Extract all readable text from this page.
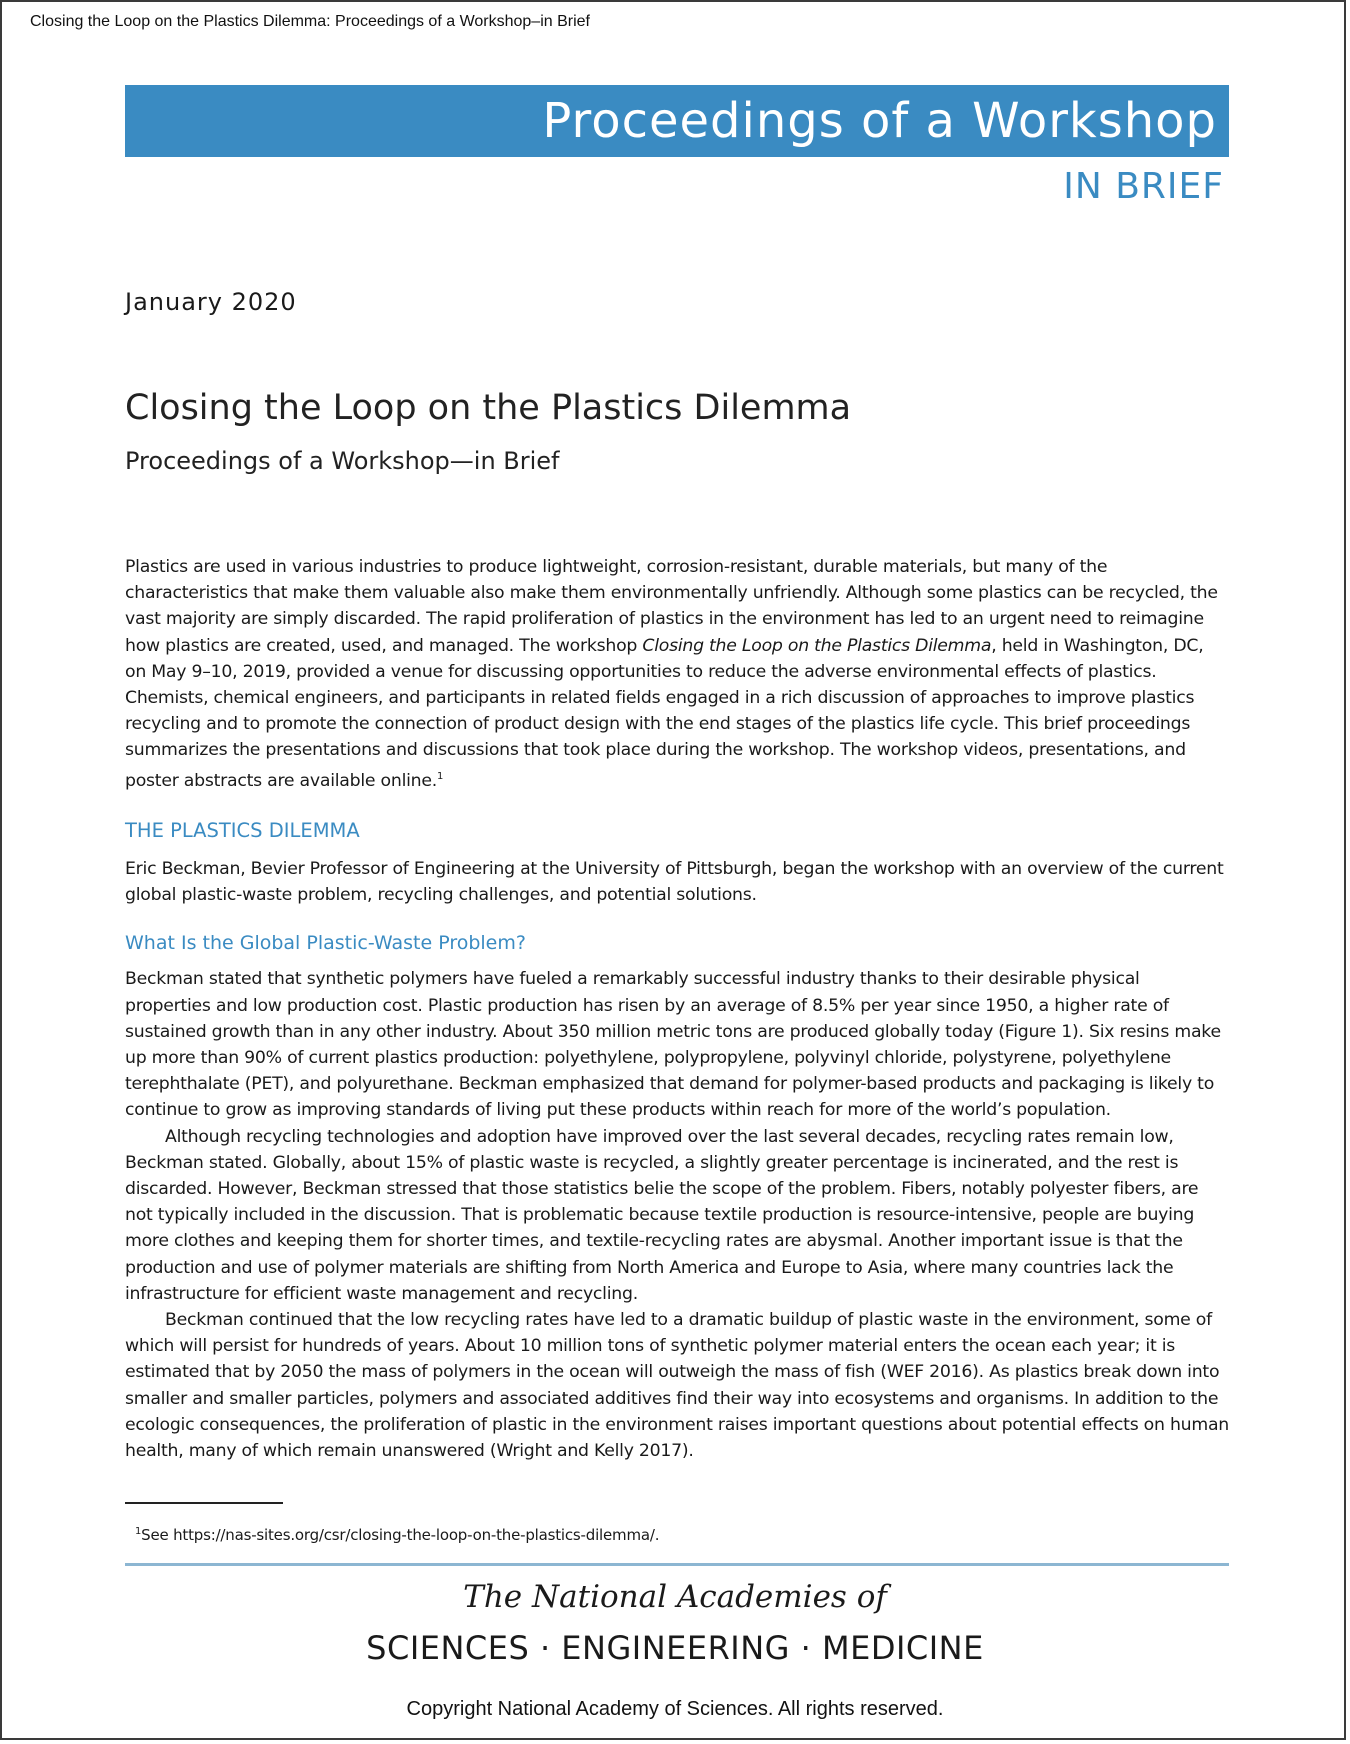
Closing the Loop on the Plastics Dilemma: Proceedings of a Workshop–in Brief
Proceedings of a Workshop
IN BRIEF
January 2020
Closing the Loop on the Plastics Dilemma
Proceedings of a Workshop—in Brief

Plastics are used in various industries to produce lightweight, corrosion-resistant, durable materials, but many of the characteristics that make them valuable also make them environmentally unfriendly. Although some plastics can be recycled, the vast majority are simply discarded. The rapid proliferation of plastics in the environment has led to an urgent need to reimagine how plastics are created, used, and managed. The workshop Closing the Loop on the Plastics Dilemma, held in Washington, DC, on May 9–10, 2019, provided a venue for discussing opportunities to reduce the adverse environmental effects of plastics. Chemists, chemical engineers, and participants in related fields engaged in a rich discussion of approaches to improve plastics recycling and to promote the connection of product design with the end stages of the plastics life cycle. This brief proceedings summarizes the presentations and discussions that took place during the workshop. The workshop videos, presentations, and poster abstracts are available online.$^1$

THE PLASTICS DILEMMA

Eric Beckman, Bevier Professor of Engineering at the University of Pittsburgh, began the workshop with an overview of the current global plastic-waste problem, recycling challenges, and potential solutions.

What Is the Global Plastic-Waste Problem?

Beckman stated that synthetic polymers have fueled a remarkably successful industry thanks to their desirable physical properties and low production cost. Plastic production has risen by an average of 8.5% per year since 1950, a higher rate of sustained growth than in any other industry. About 350 million metric tons are produced globally today (Figure 1). Six resins make up more than 90% of current plastics production: polyethylene, polypropylene, polyvinyl chloride, polystyrene, polyethylene terephthalate (PET), and polyurethane. Beckman emphasized that demand for polymer-based products and packaging is likely to continue to grow as improving standards of living put these products within reach for more of the world’s population.

Although recycling technologies and adoption have improved over the last several decades, recycling rates remain low, Beckman stated. Globally, about 15% of plastic waste is recycled, a slightly greater percentage is incinerated, and the rest is discarded. However, Beckman stressed that those statistics belie the scope of the problem. Fibers, notably polyester fibers, are not typically included in the discussion. That is problematic because textile production is resource-intensive, people are buying more clothes and keeping them for shorter times, and textile-recycling rates are abysmal. Another important issue is that the production and use of polymer materials are shifting from North America and Europe to Asia, where many countries lack the infrastructure for efficient waste management and recycling.

Beckman continued that the low recycling rates have led to a dramatic buildup of plastic waste in the environment, some of which will persist for hundreds of years. About 10 million tons of synthetic polymer material enters the ocean each year; it is estimated that by 2050 the mass of polymers in the ocean will outweigh the mass of fish (WEF 2016). As plastics break down into smaller and smaller particles, polymers and associated additives find their way into ecosystems and organisms. In addition to the ecologic consequences, the proliferation of plastic in the environment raises important questions about potential effects on human health, many of which remain unanswered (Wright and Kelly 2017).

$^1$See https://nas-sites.org/csr/closing-the-loop-on-the-plastics-dilemma/.
The National Academies of
SCIENCES · ENGINEERING · MEDICINE
Copyright National Academy of Sciences. All rights reserved.
